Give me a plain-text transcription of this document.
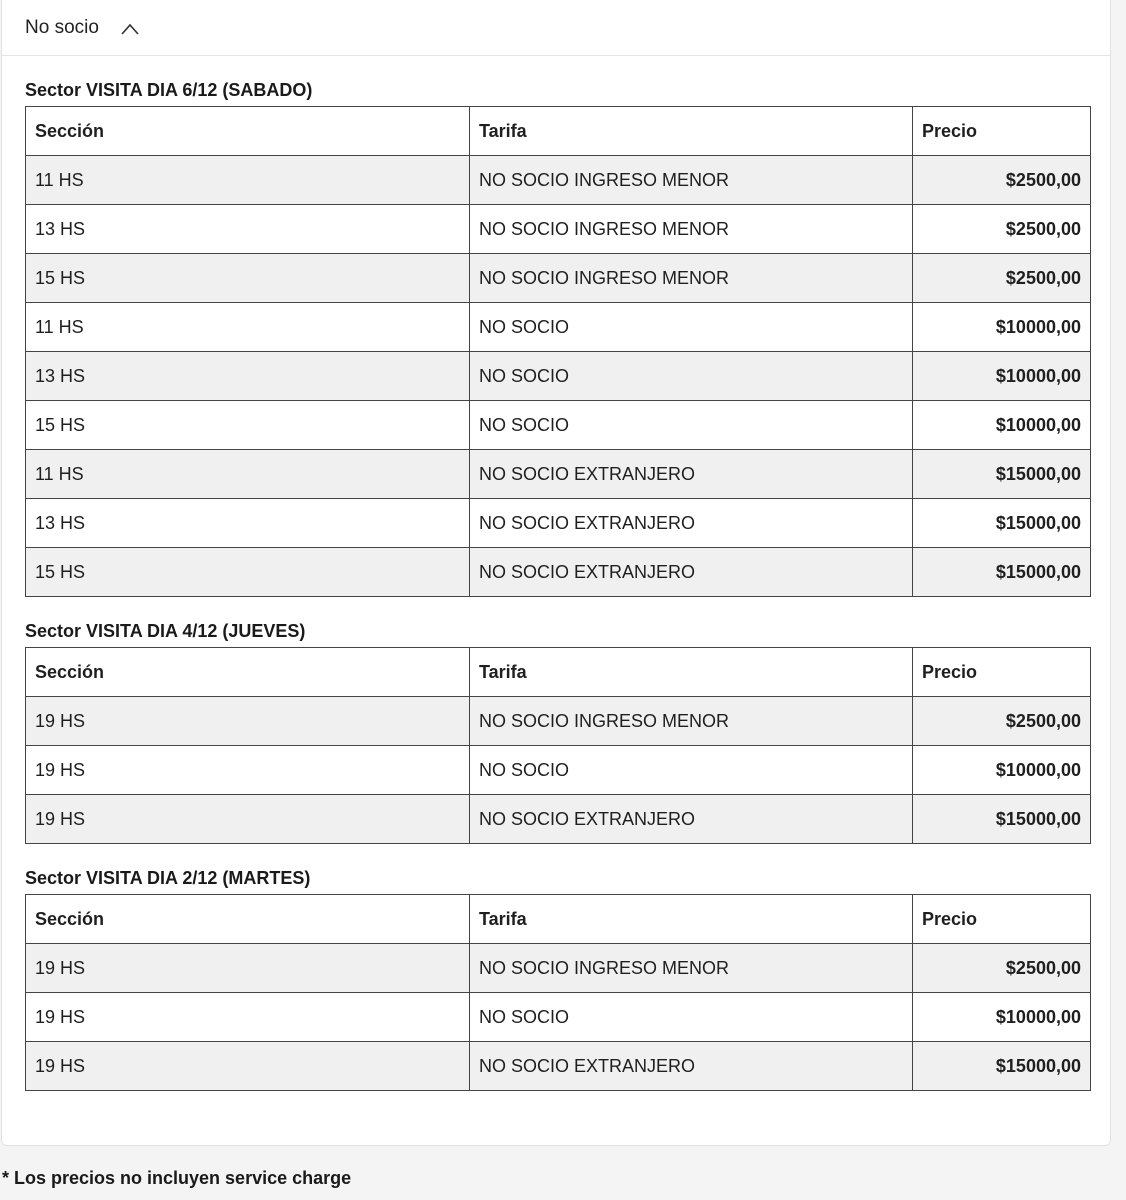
No socio
Sector VISITA DIA 6/12 (SABADO)
Sección	Tarifa	Precio
11 HS	NO SOCIO INGRESO MENOR	$2500,00
13 HS	NO SOCIO INGRESO MENOR	$2500,00
15 HS	NO SOCIO INGRESO MENOR	$2500,00
11 HS	NO SOCIO	$10000,00
13 HS	NO SOCIO	$10000,00
15 HS	NO SOCIO	$10000,00
11 HS	NO SOCIO EXTRANJERO	$15000,00
13 HS	NO SOCIO EXTRANJERO	$15000,00
15 HS	NO SOCIO EXTRANJERO	$15000,00
Sector VISITA DIA 4/12 (JUEVES)
Sección	Tarifa	Precio
19 HS	NO SOCIO INGRESO MENOR	$2500,00
19 HS	NO SOCIO	$10000,00
19 HS	NO SOCIO EXTRANJERO	$15000,00
Sector VISITA DIA 2/12 (MARTES)
Sección	Tarifa	Precio
19 HS	NO SOCIO INGRESO MENOR	$2500,00
19 HS	NO SOCIO	$10000,00
19 HS	NO SOCIO EXTRANJERO	$15000,00
* Los precios no incluyen service charge
